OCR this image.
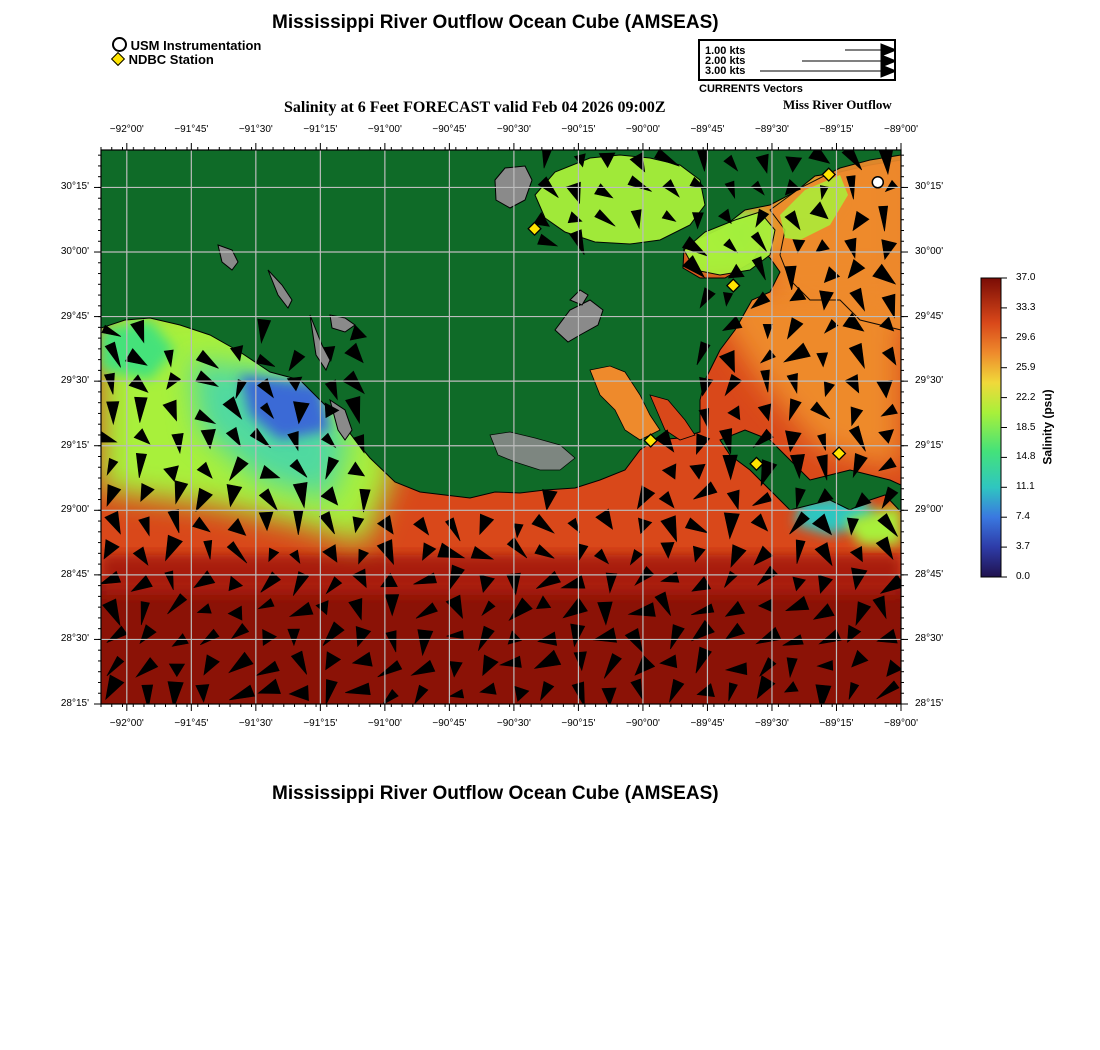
Mississippi River Outflow Ocean Cube (AMSEAS)
USM Instrumentation
NDBC Station
1.00 kts
2.00 kts
3.00 kts
CURRENTS Vectors
Salinity at 6 Feet FORECAST valid Feb 04 2026 09:00Z	Miss River Outflow
−92°00'	−91°45'	−91°30'	−91°15'	−91°00'	−90°45'	−90°30'	−90°15'	−90°00'	−89°45'	−89°30'	−89°15'	−89°00'
−92°00'	−91°45'	−91°30'	−91°15'	−91°00'	−90°45'	−90°30'	−90°15'	−90°00'	−89°45'	−89°30'	−89°15'	−89°00'
30°15'
30°00'
29°45'
29°30'
29°15'
29°00'
28°45'
28°30'
28°15'
30°15'
30°00'
29°45'
29°30'
29°15'
29°00'
28°45'
28°30'
28°15'
37.0
33.3
29.6
25.9
22.2
18.5
14.8
11.1
7.4
3.7
0.0
Salinity (psu)
Mississippi River Outflow Ocean Cube (AMSEAS)
